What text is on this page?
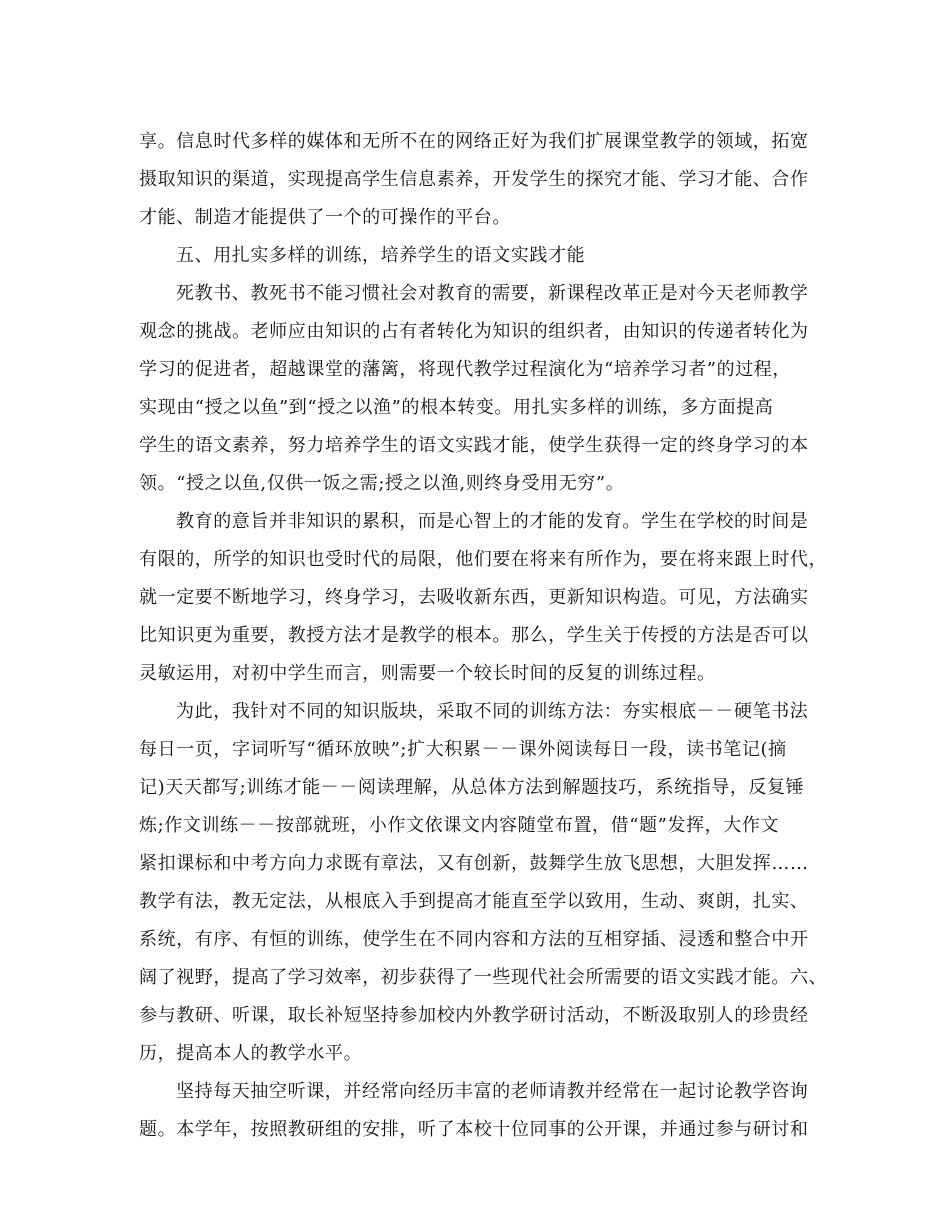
享。信息时代多样的媒体和无所不在的网络正好为我们扩展课堂教学的领域，拓宽
摄取知识的渠道，实现提高学生信息素养，开发学生的探究才能、学习才能、合作
才能、制造才能提供了一个的可操作的平台。
五、用扎实多样的训练，培养学生的语文实践才能
死教书、教死书不能习惯社会对教育的需要，新课程改革正是对今天老师教学
观念的挑战。老师应由知识的占有者转化为知识的组织者，由知识的传递者转化为
学习的促进者，超越课堂的藩篱，将现代教学过程演化为“培养学习者”的过程，
实现由“授之以鱼”到“授之以渔”的根本转变。用扎实多样的训练，多方面提高
学生的语文素养，努力培养学生的语文实践才能，使学生获得一定的终身学习的本
领。“授之以鱼,仅供一饭之需;授之以渔,则终身受用无穷”。
教育的意旨并非知识的累积，而是心智上的才能的发育。学生在学校的时间是
有限的，所学的知识也受时代的局限，他们要在将来有所作为，要在将来跟上时代，
就一定要不断地学习，终身学习，去吸收新东西，更新知识构造。可见，方法确实
比知识更为重要，教授方法才是教学的根本。那么，学生关于传授的方法是否可以
灵敏运用，对初中学生而言，则需要一个较长时间的反复的训练过程。
为此，我针对不同的知识版块，采取不同的训练方法：夯实根底－－硬笔书法
每日一页，字词听写“循环放映”;扩大积累－－课外阅读每日一段，读书笔记(摘
记)天天都写;训练才能－－阅读理解，从总体方法到解题技巧，系统指导，反复锤
炼;作文训练－－按部就班，小作文依课文内容随堂布置，借“题”发挥，大作文
紧扣课标和中考方向力求既有章法，又有创新，鼓舞学生放飞思想，大胆发挥……
教学有法，教无定法，从根底入手到提高才能直至学以致用，生动、爽朗，扎实、
系统，有序、有恒的训练，使学生在不同内容和方法的互相穿插、浸透和整合中开
阔了视野，提高了学习效率，初步获得了一些现代社会所需要的语文实践才能。六、
参与教研、听课，取长补短坚持参加校内外教学研讨活动，不断汲取别人的珍贵经
历，提高本人的教学水平。
坚持每天抽空听课，并经常向经历丰富的老师请教并经常在一起讨论教学咨询
题。本学年，按照教研组的安排，听了本校十位同事的公开课，并通过参与研讨和
